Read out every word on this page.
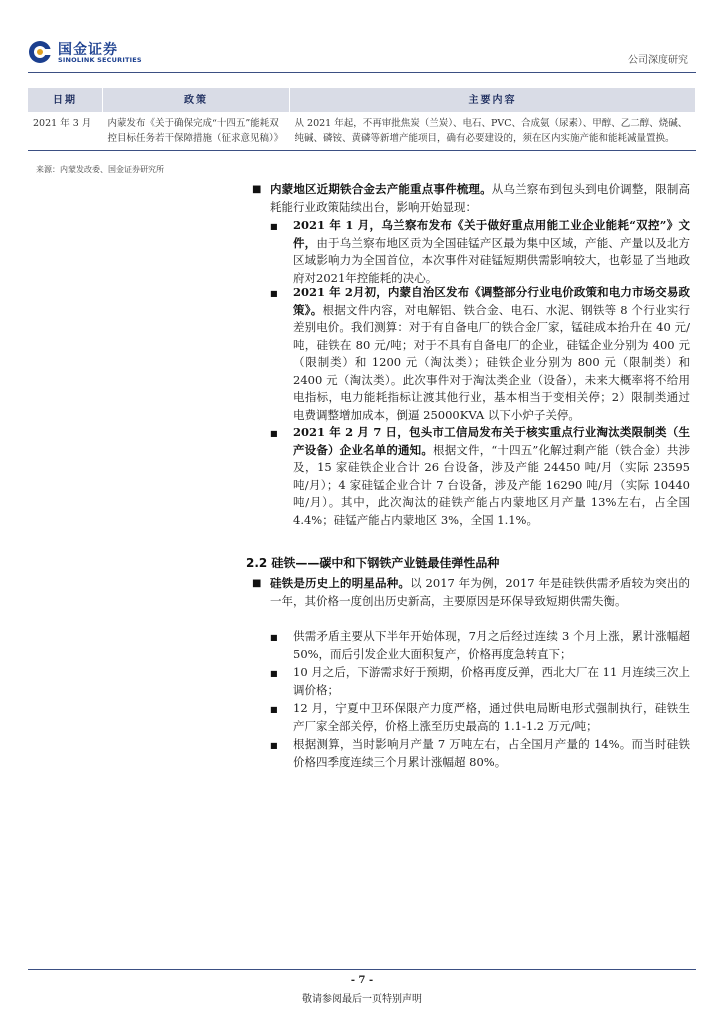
国金证券
SINOLINK SECURITIES	公司深度研究
日期	政策	主要内容
2021 年 3 月	内蒙发布《关于确保完成“十四五”能耗双控目标任务若干保障措施（征求意见稿）》	从 2021 年起，不再审批焦炭（兰炭）、电石、PVC、合成氨（尿素）、甲醇、乙二醇、烧碱、纯碱、磷铵、黄磷等新增产能项目，确有必要建设的，须在区内实施产能和能耗减量置换。
来源：内蒙发改委、国金证券研究所
■ 内蒙地区近期铁合金去产能重点事件梳理。从乌兰察布到包头到电价调整，限制高耗能行业政策陆续出台，影响开始显现：
■ 2021 年 1 月，乌兰察布发布《关于做好重点用能工业企业能耗“双控”》文件，由于乌兰察布地区贡为全国硅锰产区最为集中区域，产能、产量以及北方区域影响力为全国首位，本次事件对硅锰短期供需影响较大，也彰显了当地政府对2021年控能耗的决心。
■ 2021 年 2月初，内蒙自治区发布《调整部分行业电价政策和电力市场交易政策》。根据文件内容，对电解铝、铁合金、电石、水泥、钢铁等 8 个行业实行差别电价。我们测算：对于有自备电厂的铁合金厂家，锰硅成本抬升在 40 元/吨，硅铁在 80 元/吨；对于不具有自备电厂的企业，硅锰企业分别为 400 元（限制类）和 1200 元（淘汰类）；硅铁企业分别为 800 元（限制类）和 2400 元（淘汰类）。此次事件对于淘汰类企业（设备），未来大概率将不给用电指标，电力能耗指标让渡其他行业，基本相当于变相关停；2）限制类通过电费调整增加成本，倒逼 25000KVA 以下小炉子关停。
■ 2021 年 2 月 7 日，包头市工信局发布关于核实重点行业淘汰类限制类（生产设备）企业名单的通知。根据文件，“十四五”化解过剩产能（铁合金）共涉及，15 家硅铁企业合计 26 台设备，涉及产能 24450 吨/月（实际 23595 吨/月）；4 家硅锰企业合计 7 台设备，涉及产能 16290 吨/月（实际 10440 吨/月）。其中，此次淘汰的硅铁产能占内蒙地区月产量 13%左右，占全国 4.4%；硅锰产能占内蒙地区 3%，全国 1.1%。
2.2 硅铁——碳中和下钢铁产业链最佳弹性品种
■ 硅铁是历史上的明星品种。以 2017 年为例，2017 年是硅铁供需矛盾较为突出的一年，其价格一度创出历史新高，主要原因是环保导致短期供需失衡。
■ 供需矛盾主要从下半年开始体现，7月之后经过连续 3 个月上涨，累计涨幅超 50%，而后引发企业大面积复产，价格再度急转直下；
■ 10 月之后，下游需求好于预期，价格再度反弹，西北大厂在 11 月连续三次上调价格；
■ 12 月，宁夏中卫环保限产力度严格，通过供电局断电形式强制执行，硅铁生产厂家全部关停，价格上涨至历史最高的 1.1-1.2 万元/吨；
■ 根据测算，当时影响月产量 7 万吨左右，占全国月产量的 14%。而当时硅铁价格四季度连续三个月累计涨幅超 80%。
- 7 -
敬请参阅最后一页特别声明
